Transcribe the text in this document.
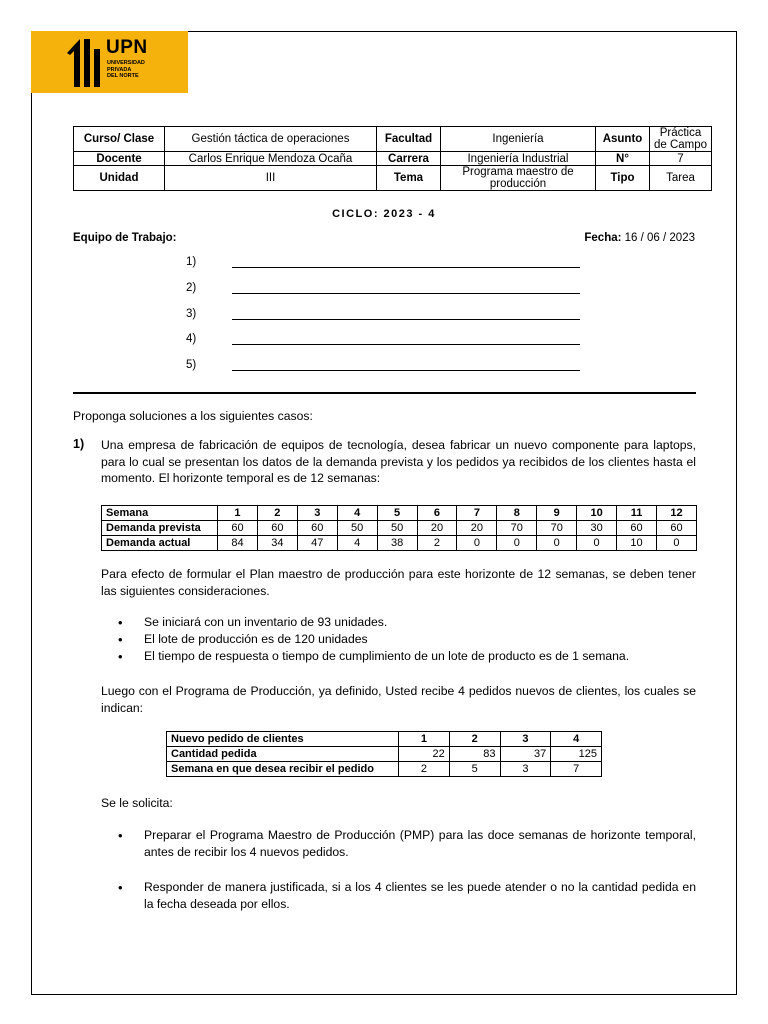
UPN
UNIVERSIDAD
PRIVADA
DEL NORTE
Curso/ Clase	Gestión táctica de operaciones	Facultad	Ingeniería	Asunto	Práctica de Campo
Docente	Carlos Enrique Mendoza Ocaña	Carrera	Ingeniería Industrial	N°	7
Unidad	III	Tema	Programa maestro de producción	Tipo	Tarea
CICLO: 2023 - 4
Equipo de Trabajo:	Fecha: 16 / 06 / 2023
1)
2)
3)
4)
5)
Proponga soluciones a los siguientes casos:
1) Una empresa de fabricación de equipos de tecnología, desea fabricar un nuevo componente para laptops, para lo cual se presentan los datos de la demanda prevista y los pedidos ya recibidos de los clientes hasta el momento. El horizonte temporal es de 12 semanas:
Semana	1	2	3	4	5	6	7	8	9	10	11	12
Demanda prevista	60	60	60	50	50	20	20	70	70	30	60	60
Demanda actual	84	34	47	4	38	2	0	0	0	0	10	0
Para efecto de formular el Plan maestro de producción para este horizonte de 12 semanas, se deben tener las siguientes consideraciones.
• Se iniciará con un inventario de 93 unidades.
• El lote de producción es de 120 unidades
• El tiempo de respuesta o tiempo de cumplimiento de un lote de producto es de 1 semana.
Luego con el Programa de Producción, ya definido, Usted recibe 4 pedidos nuevos de clientes, los cuales se indican:
Nuevo pedido de clientes	1	2	3	4
Cantidad pedida	22	83	37	125
Semana en que desea recibir el pedido	2	5	3	7
Se le solicita:
• Preparar el Programa Maestro de Producción (PMP) para las doce semanas de horizonte temporal, antes de recibir los 4 nuevos pedidos.
• Responder de manera justificada, si a los 4 clientes se les puede atender o no la cantidad pedida en la fecha deseada por ellos.
